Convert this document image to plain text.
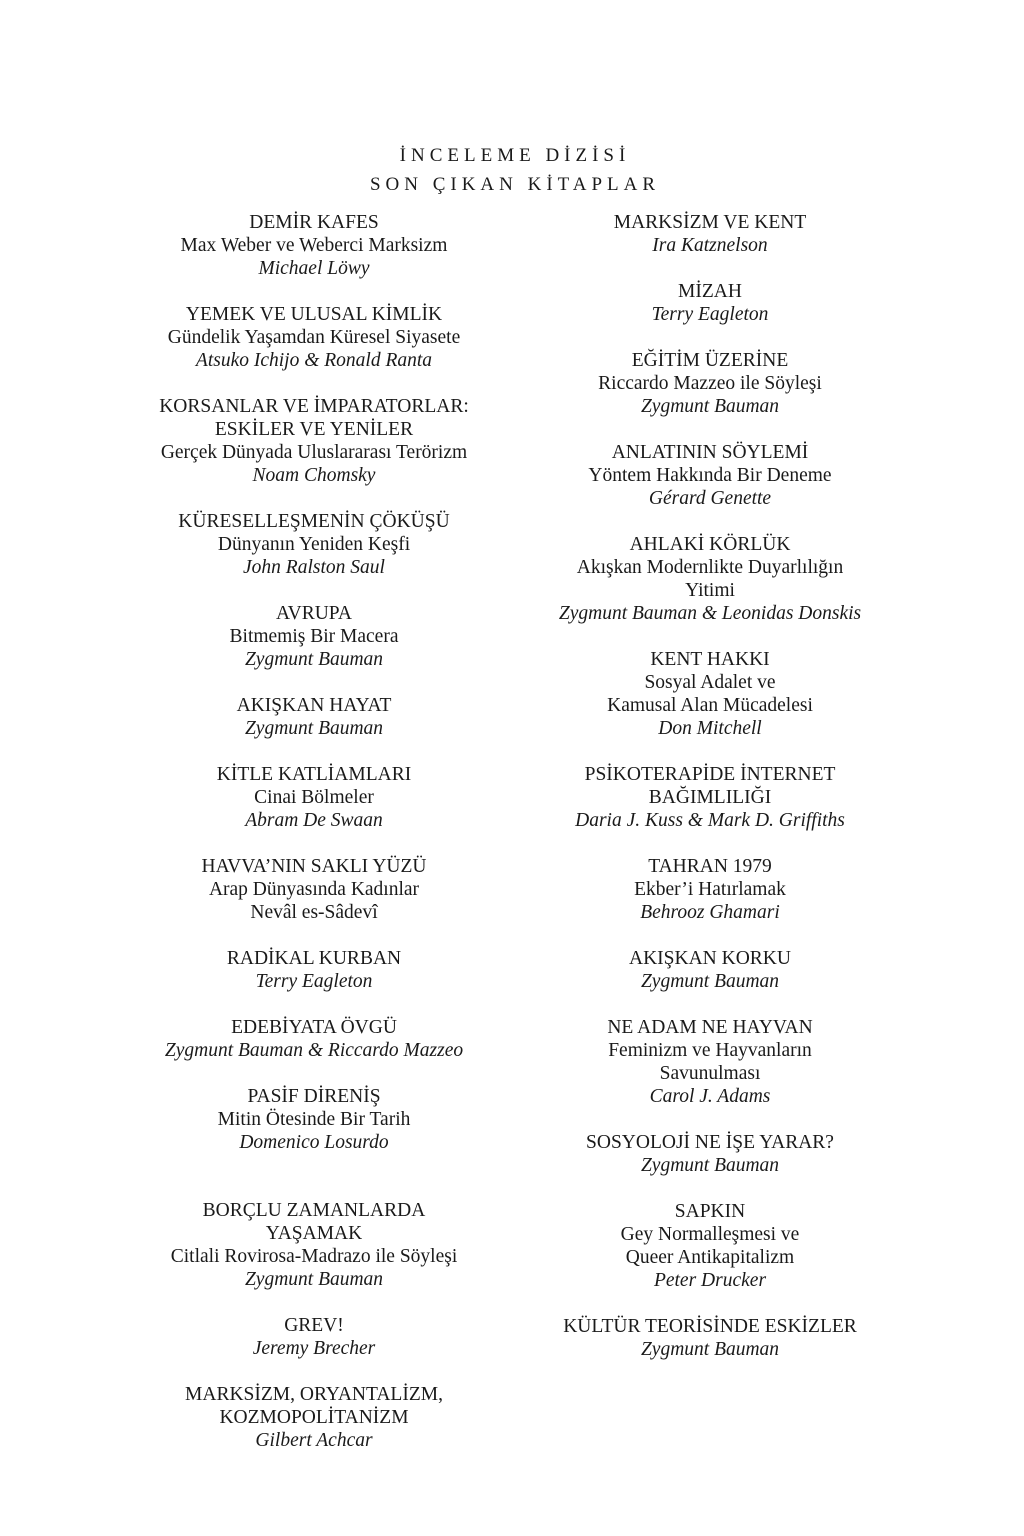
İNCELEME DİZİSİ
SON ÇIKAN KİTAPLAR
DEMİR KAFES
Max Weber ve Weberci Marksizm
Michael Löwy
YEMEK VE ULUSAL KİMLİK
Gündelik Yaşamdan Küresel Siyasete
Atsuko Ichijo & Ronald Ranta
KORSANLAR VE İMPARATORLAR:
ESKİLER VE YENİLER
Gerçek Dünyada Uluslararası Terörizm
Noam Chomsky
KÜRESELLEŞMENİN ÇÖKÜŞÜ
Dünyanın Yeniden Keşfi
John Ralston Saul
AVRUPA
Bitmemiş Bir Macera
Zygmunt Bauman
AKIŞKAN HAYAT
Zygmunt Bauman
KİTLE KATLİAMLARI
Cinai Bölmeler
Abram De Swaan
HAVVA’NIN SAKLI YÜZÜ
Arap Dünyasında Kadınlar
Nevâl es-Sâdevî
RADİKAL KURBAN
Terry Eagleton
EDEBİYATA ÖVGÜ
Zygmunt Bauman & Riccardo Mazzeo
PASİF DİRENİŞ
Mitin Ötesinde Bir Tarih
Domenico Losurdo
BORÇLU ZAMANLARDA
YAŞAMAK
Citlali Rovirosa-Madrazo ile Söyleşi
Zygmunt Bauman
GREV!
Jeremy Brecher
MARKSİZM, ORYANTALİZM,
KOZMOPOLİTANİZM
Gilbert Achcar
MARKSİZM VE KENT
Ira Katznelson
MİZAH
Terry Eagleton
EĞİTİM ÜZERİNE
Riccardo Mazzeo ile Söyleşi
Zygmunt Bauman
ANLATININ SÖYLEMİ
Yöntem Hakkında Bir Deneme
Gérard Genette
AHLAKİ KÖRLÜK
Akışkan Modernlikte Duyarlılığın
Yitimi
Zygmunt Bauman & Leonidas Donskis
KENT HAKKI
Sosyal Adalet ve
Kamusal Alan Mücadelesi
Don Mitchell
PSİKOTERAPİDE İNTERNET
BAĞIMLILIĞI
Daria J. Kuss & Mark D. Griffiths
TAHRAN 1979
Ekber’i Hatırlamak
Behrooz Ghamari
AKIŞKAN KORKU
Zygmunt Bauman
NE ADAM NE HAYVAN
Feminizm ve Hayvanların
Savunulması
Carol J. Adams
SOSYOLOJİ NE İŞE YARAR?
Zygmunt Bauman
SAPKIN
Gey Normalleşmesi ve
Queer Antikapitalizm
Peter Drucker
KÜLTÜR TEORİSİNDE ESKİZLER
Zygmunt Bauman
